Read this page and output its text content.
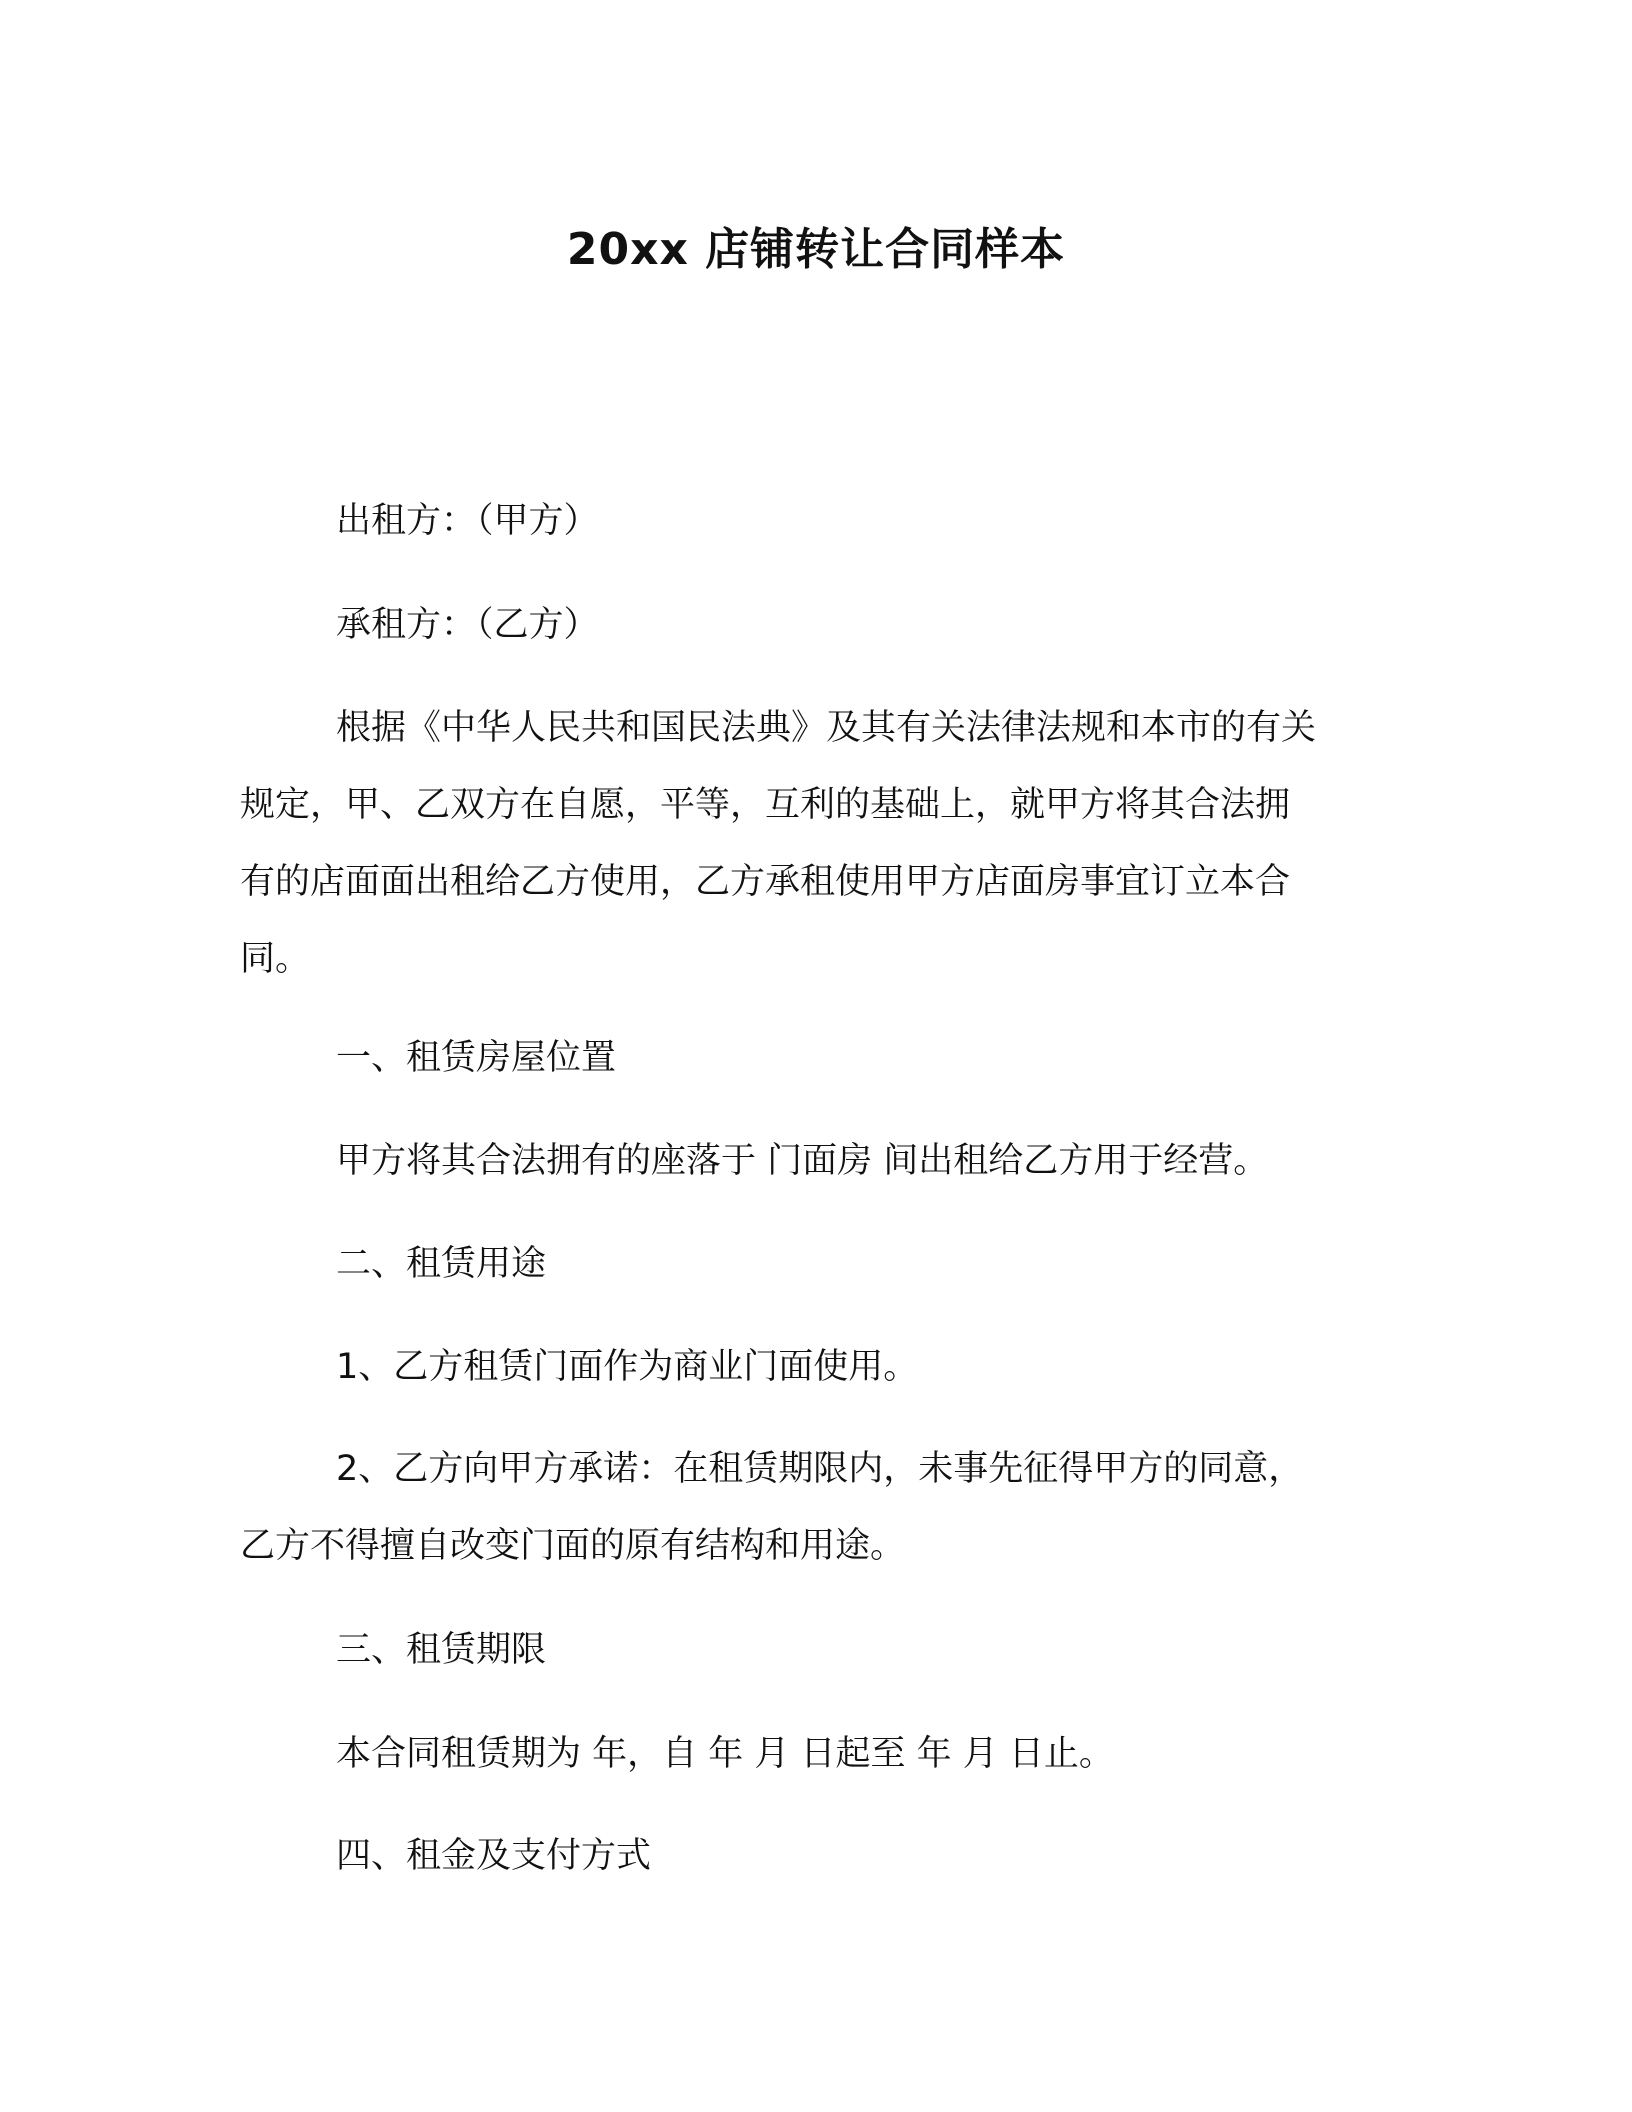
20xx 店铺转让合同样本

出租方：（甲方）

承租方：（乙方）

根据《中华人民共和国民法典》及其有关法律法规和本市的有关
规定，甲、乙双方在自愿，平等，互利的基础上，就甲方将其合法拥
有的店面面出租给乙方使用，乙方承租使用甲方店面房事宜订立本合
同。

一、租赁房屋位置

甲方将其合法拥有的座落于 门面房 间出租给乙方用于经营。

二、租赁用途

1、乙方租赁门面作为商业门面使用。

2、乙方向甲方承诺：在租赁期限内，未事先征得甲方的同意，
乙方不得擅自改变门面的原有结构和用途。

三、租赁期限

本合同租赁期为 年，自 年 月 日起至 年 月 日止。

四、租金及支付方式
